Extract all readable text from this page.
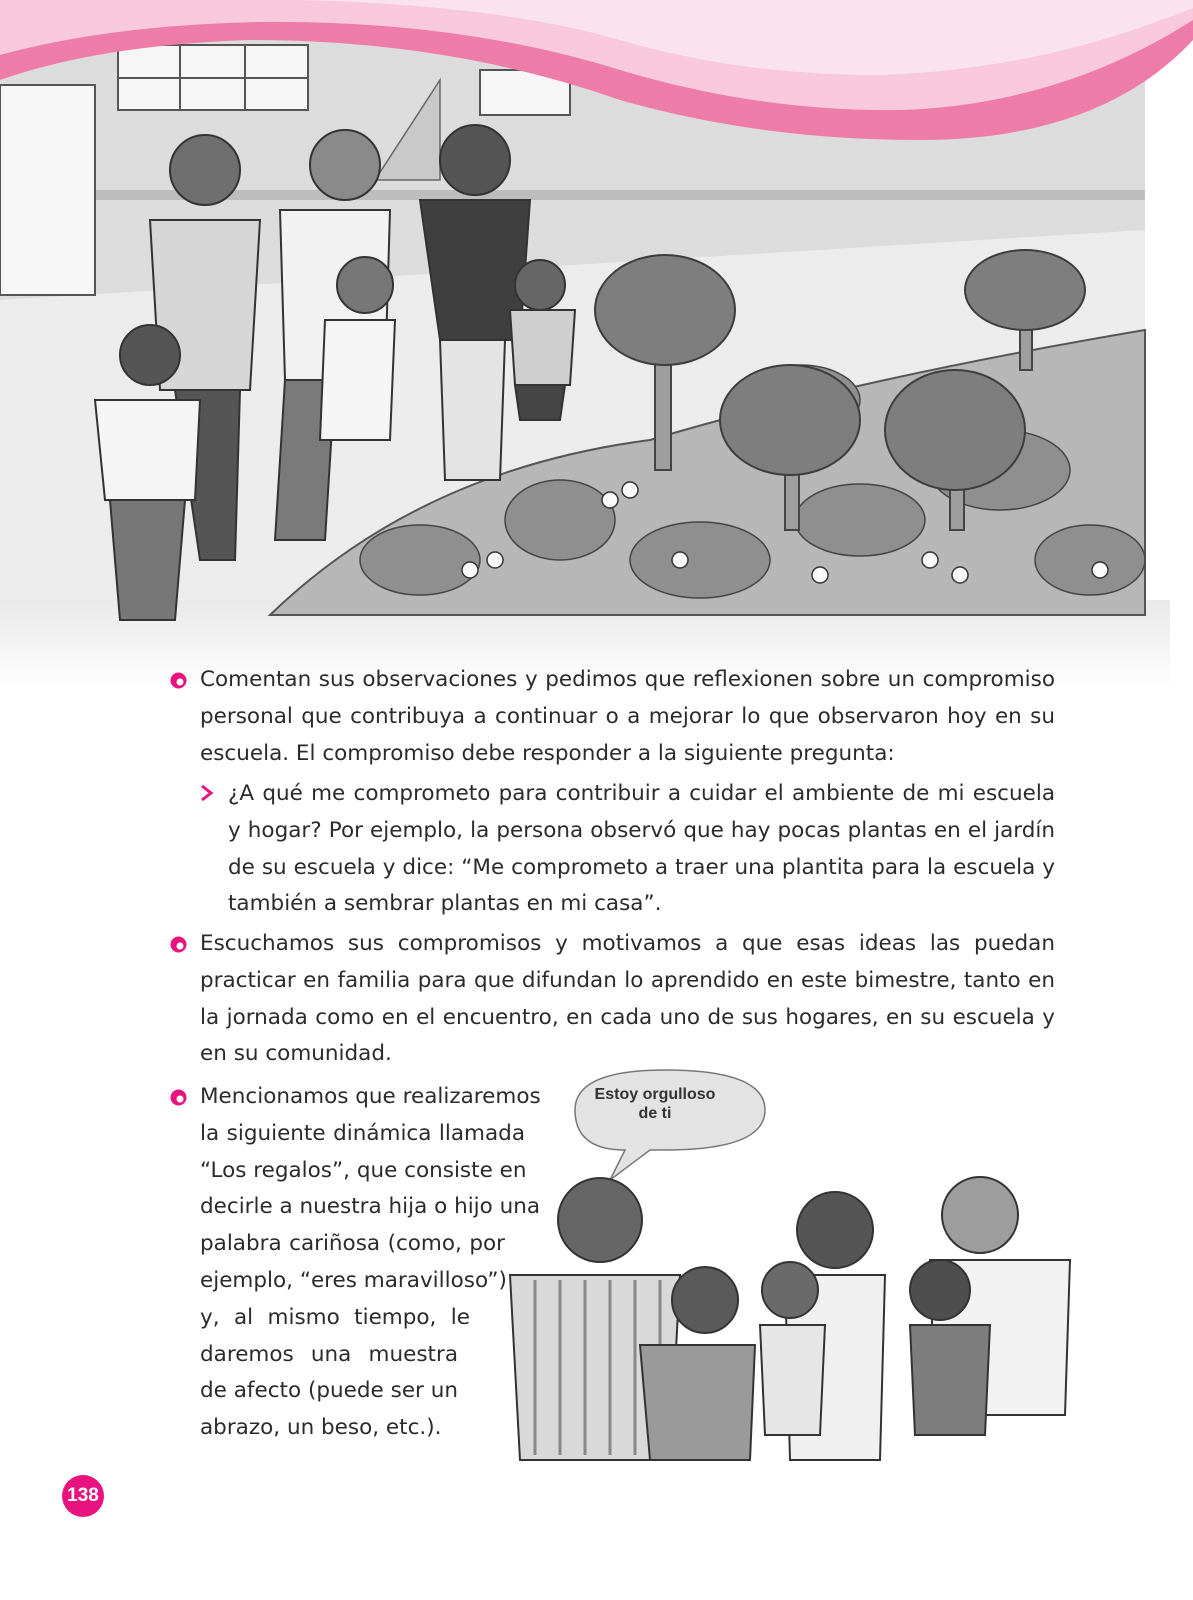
Comentan sus observaciones y pedimos que reflexionen sobre un compromiso personal que contribuya a continuar o a mejorar lo que observaron hoy en su escuela. El compromiso debe responder a la siguiente pregunta:

¿A qué me comprometo para contribuir a cuidar el ambiente de mi escuela y hogar? Por ejemplo, la persona observó que hay pocas plantas en el jardín de su escuela y dice: “Me comprometo a traer una plantita para la escuela y también a sembrar plantas en mi casa”.

Escuchamos sus compromisos y motivamos a que esas ideas las puedan practicar en familia para que difundan lo aprendido en este bimestre, tanto en la jornada como en el encuentro, en cada uno de sus hogares, en su escuela y en su comunidad.

Estoy orgulloso
de ti
Mencionamos que realizaremos
la siguiente dinámica llamada
“Los regalos”, que consiste en
decirle a nuestra hija o hijo una
palabra cariñosa (como, por
ejemplo, “eres maravilloso”)
y, al mismo tiempo, le
daremos una muestra
de afecto (puede ser un
abrazo, un beso, etc.).
138
